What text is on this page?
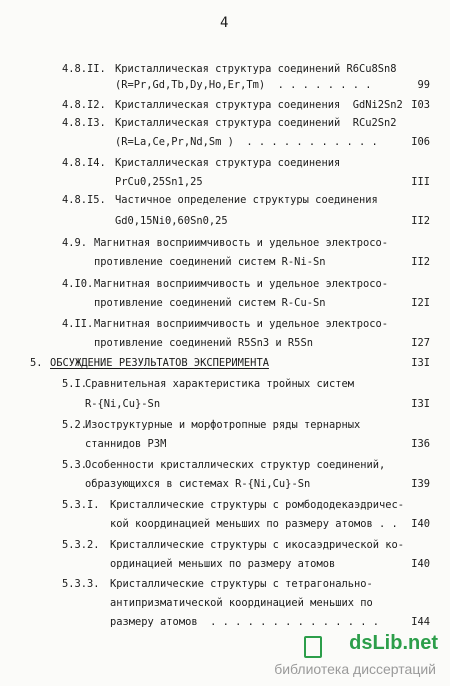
4
4.8.II. Кристаллическая структура соединений R6Cu8Sn8
(R=Pr,Gd,Tb,Dy,Ho,Er,Tm)  . . . . . . . .	99
4.8.I2. Кристаллическая структура соединения  GdNi2Sn2 I03
4.8.I3. Кристаллическая структура соединений  RCu2Sn2
(R=La,Ce,Pr,Nd,Sm )  . . . . . . . . . . .	I06
4.8.I4. Кристаллическая структура соединения
PrCu0,25Sn1,25	III
4.8.I5. Частичное определение структуры соединения
Gd0,15Ni0,60Sn0,25	II2
4.9. Магнитная восприимчивость и удельное электросо-
противление соединений систем R-Ni-Sn	II2
4.I0. Магнитная восприимчивость и удельное электросо-
противление соединений систем R-Cu-Sn	I2I
4.II. Магнитная восприимчивость и удельное электросо-
противление соединений R5Sn3 и R5Sn	I27
5. ОБСУЖДЕНИЕ РЕЗУЛЬТАТОВ ЭКСПЕРИМЕНТА	I3I
5.I.
Сравнительная характеристика тройных систем
R-{Ni,Cu}-Sn	I3I
5.2.
Изоструктурные и морфотропные ряды тернарных
станнидов РЗМ	I36
5.3.
Особенности кристаллических структур соединений,
образующихся в системах R-{Ni,Cu}-Sn	I39
5.3.I. Кристаллические структуры с ромбододекаэдричес-
кой координацией меньших по размеру атомов . .	I40
5.3.2. Кристаллические структуры с икосаэдрической ко-
ординацией меньших по размеру атомов	I40
5.3.3. Кристаллические структуры с тетрагонально-
антипризматической координацией меньших по
размеру атомов  . . . . . . . . . . . . . .	I44
dsLib.net
библиотека диссертаций
